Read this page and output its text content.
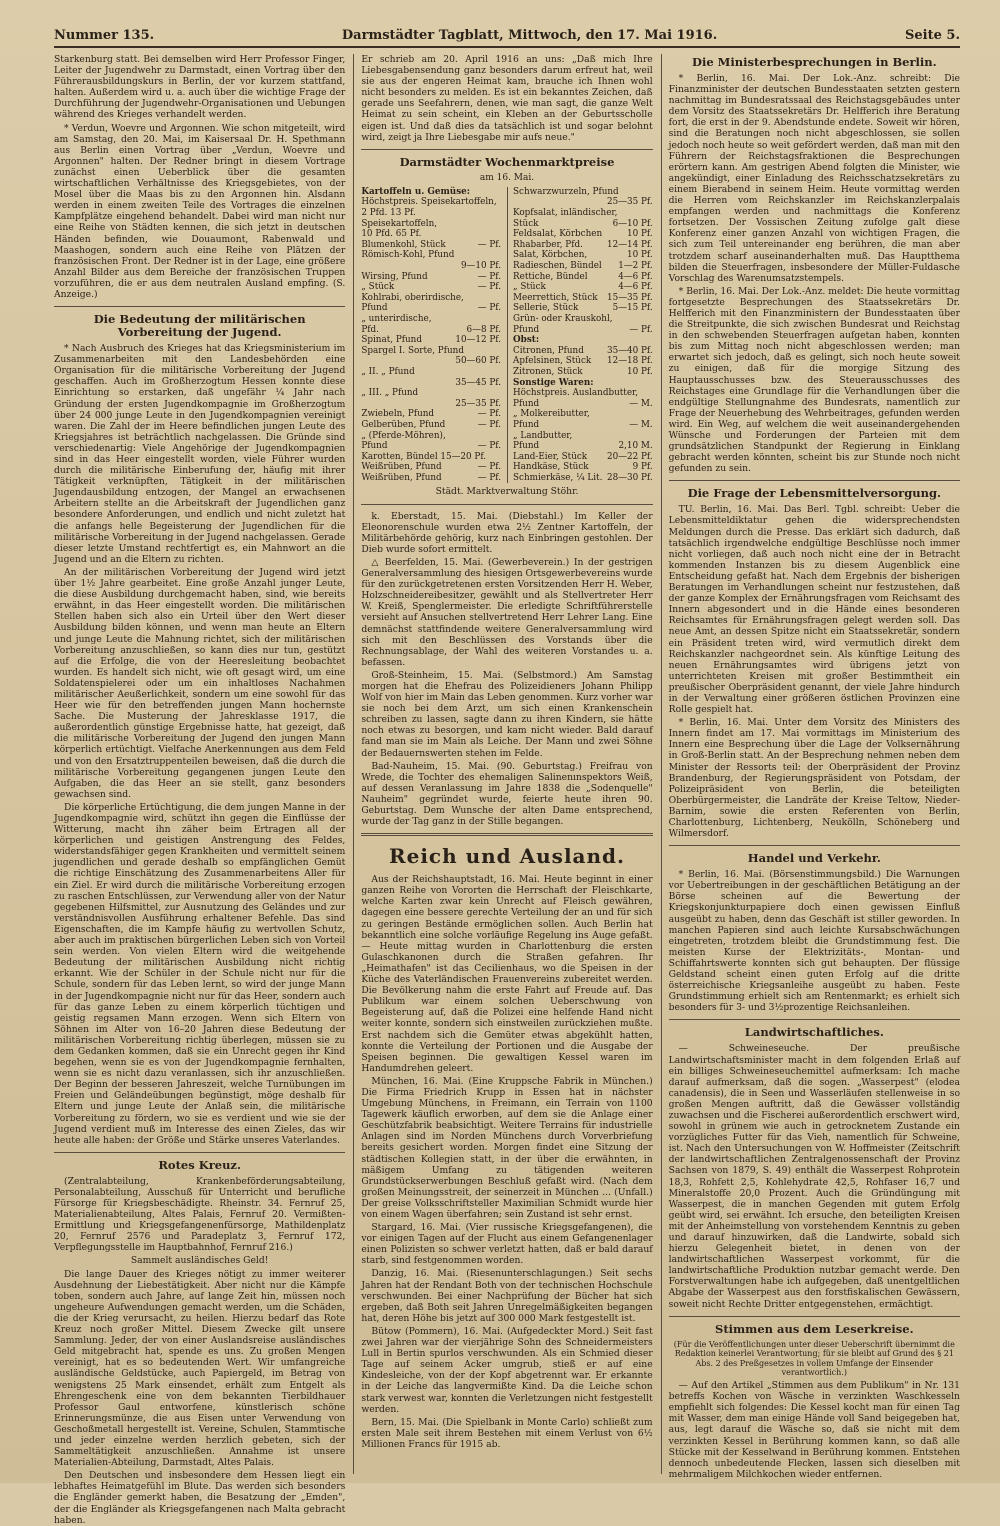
Nummer 135.	Darmstädter Tagblatt, Mittwoch, den 17. Mai 1916.	Seite 5.

Starkenburg statt. Bei demselben wird Herr Professor Finger, Leiter der Jugendwehr zu Darmstadt, einen Vortrag über den Führerausbildungskurs in Berlin, der vor kurzem stattfand, halten. Außerdem wird u. a. auch über die wichtige Frage der Durchführung der Jugendwehr-Organisationen und Uebungen während des Krieges verhandelt werden.

* Verdun, Woevre und Argonnen. Wie schon mitgeteilt, wird am Samstag, den 20. Mai, im Kaisersaal Dr. H. Spethmann aus Berlin einen Vortrag über „Verdun, Woevre und Argonnen" halten. Der Redner bringt in diesem Vortrage zunächst einen Ueberblick über die gesamten wirtschaftlichen Verhältnisse des Kriegsgebietes, von der Mosel über die Maas bis zu den Argonnen hin. Alsdann werden in einem zweiten Teile des Vortrages die einzelnen Kampfplätze eingehend behandelt. Dabei wird man nicht nur eine Reihe von Städten kennen, die sich jetzt in deutschen Händen befinden, wie Douaumont, Rabenwald und Maashogen, sondern auch eine Reihe von Plätzen der französischen Front. Der Redner ist in der Lage, eine größere Anzahl Bilder aus dem Bereiche der französischen Truppen vorzuführen, die er aus dem neutralen Ausland empfing. (S. Anzeige.)

Die Bedeutung der militärischen Vorbereitung der Jugend.

* Nach Ausbruch des Krieges hat das Kriegsministerium im Zusammenarbeiten mit den Landesbehörden eine Organisation für die militärische Vorbereitung der Jugend geschaffen. Auch im Großherzogtum Hessen konnte diese Einrichtung so erstarken, daß ungefähr ¼ Jahr nach Gründung der ersten Jugendkompagnie im Großherzogtum über 24 000 junge Leute in den Jugendkompagnien vereinigt waren. Die Zahl der im Heere befindlichen jungen Leute des Kriegsjahres ist beträchtlich nachgelassen. Die Gründe sind verschiedenartig: Viele Angehörige der Jugendkompagnien sind in das Heer eingestellt worden, viele Führer wurden durch die militärische Einberufung der, häufig mit ihrer Tätigkeit verknüpften, Tätigkeit in der militärischen Jugendausbildung entzogen, der Mangel an erwachsenen Arbeitern stellte an die Arbeitskraft der Jugendlichen ganz besondere Anforderungen, und endlich und nicht zuletzt hat die anfangs helle Begeisterung der Jugendlichen für die militärische Vorbereitung in der Jugend nachgelassen. Gerade dieser letzte Umstand rechtfertigt es, ein Mahnwort an die Jugend und an die Eltern zu richten.

An der militärischen Vorbereitung der Jugend wird jetzt über 1½ Jahre gearbeitet. Eine große Anzahl junger Leute, die diese Ausbildung durchgemacht haben, sind, wie bereits erwähnt, in das Heer eingestellt worden. Die militärischen Stellen haben sich also ein Urteil über den Wert dieser Ausbildung bilden können, und wenn man heute an Eltern und junge Leute die Mahnung richtet, sich der militärischen Vorbereitung anzuschließen, so kann dies nur tun, gestützt auf die Erfolge, die von der Heeresleitung beobachtet wurden. Es handelt sich nicht, wie oft gesagt wird, um eine Soldatenspielerei oder um ein inhaltloses Nachahmen militärischer Aeußerlichkeit, sondern um eine sowohl für das Heer wie für den betreffenden jungen Mann hochernste Sache. Die Musterung der Jahresklasse 1917, die außerordentlich günstige Ergebnisse hatte, hat gezeigt, daß die militärische Vorbereitung der Jugend den jungen Mann körperlich ertüchtigt. Vielfache Anerkennungen aus dem Feld und von den Ersatztruppenteilen beweisen, daß die durch die militärische Vorbereitung gegangenen jungen Leute den Aufgaben, die das Heer an sie stellt, ganz besonders gewachsen sind.

Die körperliche Ertüchtigung, die dem jungen Manne in der Jugendkompagnie wird, schützt ihn gegen die Einflüsse der Witterung, macht ihn zäher beim Ertragen all der körperlichen und geistigen Anstrengung des Feldes, widerstandsfähiger gegen Krankheiten und vermittelt seinem jugendlichen und gerade deshalb so empfänglichen Gemüt die richtige Einschätzung des Zusammenarbeitens Aller für ein Ziel. Er wird durch die militärische Vorbereitung erzogen zu raschen Entschlüssen, zur Verwendung aller von der Natur gegebenen Hilfsmittel, zur Ausnutzung des Geländes und zur verständnisvollen Ausführung erhaltener Befehle. Das sind Eigenschaften, die im Kampfe häufig zu wertvollen Schutz, aber auch im praktischen bürgerlichen Leben sich von Vorteil sein werden. Von vielen Eltern wird die weitgehende Bedeutung der militärischen Ausbildung nicht richtig erkannt. Wie der Schüler in der Schule nicht nur für die Schule, sondern für das Leben lernt, so wird der junge Mann in der Jugendkompagnie nicht nur für das Heer, sondern auch für das ganze Leben zu einem körperlich tüchtigen und geistig regsamen Mann erzogen. Wenn sich Eltern von Söhnen im Alter von 16–20 Jahren diese Bedeutung der militärischen Vorbereitung richtig überlegen, müssen sie zu dem Gedanken kommen, daß sie ein Unrecht gegen ihr Kind begehen, wenn sie es von der Jugendkompagnie fernhalten, wenn sie es nicht dazu veranlassen, sich ihr anzuschließen. Der Beginn der besseren Jahreszeit, welche Turnübungen im Freien und Geländeübungen begünstigt, möge deshalb für Eltern und junge Leute der Anlaß sein, die militärische Vorbereitung zu fördern, wo sie es verdient und wie sie der Jugend verdient muß im Interesse des einen Zieles, das wir heute alle haben: der Größe und Stärke unseres Vaterlandes.

Rotes Kreuz.

(Zentralabteilung, Krankenbeförderungsabteilung, Personalabteilung, Ausschuß für Unterricht und berufliche Fürsorge für Kriegsbeschädigte. Rheinstr. 34. Fernruf 25, Materialienabteilung, Altes Palais, Fernruf 20. Vermißten-Ermittlung und Kriegsgefangenenfürsorge, Mathildenplatz 20, Fernruf 2576 und Paradeplatz 3, Fernruf 172, Verpflegungsstelle im Hauptbahnhof, Fernruf 216.)

Sammelt ausländisches Geld!

Die lange Dauer des Krieges nötigt zu immer weiterer Ausdehnung der Liebestätigkeit. Aber nicht nur die Kämpfe toben, sondern auch Jahre, auf lange Zeit hin, müssen noch ungeheure Aufwendungen gemacht werden, um die Schäden, die der Krieg verursacht, zu heilen. Hierzu bedarf das Rote Kreuz noch großer Mittel. Diesem Zwecke gilt unsere Sammlung. Jeder, der von einer Auslandsreise ausländisches Geld mitgebracht hat, spende es uns. Zu großen Mengen vereinigt, hat es so bedeutenden Wert. Wir umfangreiche ausländische Geldstücke, auch Papiergeld, im Betrag von wenigstens 25 Mark einsendet, erhält zum Entgelt als Ehrengeschenk eine von dem bekannten Tierbildhauer Professor Gaul entworfene, künstlerisch schöne Erinnerungsmünze, die aus Eisen unter Verwendung von Geschoßmetall hergestellt ist. Vereine, Schulen, Stammtische und jeder einzelne werden herzlich gebeten, sich der Sammeltätigkeit anzuschließen. Annahme ist unsere Materialien-Abteilung, Darmstadt, Altes Palais.

Den Deutschen und insbesondere dem Hessen liegt ein lebhaftes Heimatgefühl im Blute. Das werden sich besonders die Engländer gemerkt haben, die Besatzung der „Emden", der die Engländer als Kriegsgefangenen nach Malta gebracht haben.

Er schrieb am 20. April 1916 an uns: „Daß mich Ihre Liebesgabensendung ganz besonders darum erfreut hat, weil sie aus der engeren Heimat kam, brauche ich Ihnen wohl nicht besonders zu melden. Es ist ein bekanntes Zeichen, daß gerade uns Seefahrern, denen, wie man sagt, die ganze Welt Heimat zu sein scheint, ein Kleben an der Geburtsscholle eigen ist. Und daß dies da tatsächlich ist und sogar belohnt wird, zeigt ja Ihre Liebesgabe mir aufs neue."

Darmstädter Wochenmarktpreise
am 16. Mai.
Kartoffeln u. Gemüse:
Höchstpreis. Speisekartoffeln,
2 Pfd. 13 Pf.
Speisekartoffeln,
10 Pfd. 65 Pf.
Blumenkohl, Stück	— Pf.
Römisch-Kohl, Pfund
9—10 Pf.
Wirsing, Pfund	— Pf.
„ Stück	— Pf.
Kohlrabi, oberirdische,
Pfund	— Pf.
„ unterirdische,
Pfd.	6—8 Pf.
Spinat, Pfund	10—12 Pf.
Spargel I. Sorte, Pfund
50—60 Pf.
„ II. „ Pfund
35—45 Pf.
„ III. „ Pfund
25—35 Pf.
Zwiebeln, Pfund	— Pf.
Gelberüben, Pfund	— Pf.
„ (Pferde-Möhren),
Pfund	— Pf.
Karotten, Bündel 15—20 Pf.
Weißrüben, Pfund	— Pf.
Weißrüben, Pfund	— Pf.
Schwarzwurzeln, Pfund
25—35 Pf.
Kopfsalat, inländischer,
Stück	6—10 Pf.
Feldsalat, Körbchen	10 Pf.
Rhabarber, Pfd.	12—14 Pf.
Salat, Körbchen,	10 Pf.
Radieschen, Bündel 1—2 Pf.
Rettiche, Bündel	4—6 Pf.
„ Stück	4—6 Pf.
Meerrettich, Stück 15—35 Pf.
Sellerie, Stück	5—15 Pf.
Grün- oder Krauskohl,
Pfund	— Pf.
Obst:
Citronen, Pfund	35—40 Pf.
Apfelsinen, Stück 12—18 Pf.
Zitronen, Stück	10 Pf.
Sonstige Waren:
Höchstpreis. Auslandbutter,
Pfund	— M.
„ Molkereibutter,
Pfund	— M.
„ Landbutter,
Pfund	2,10 M.
Land-Eier, Stück 20—22 Pf.
Handkäse, Stück	9 Pf.
Schmierkäse, ¼ Lit. 28—30 Pf.

Städt. Marktverwaltung Stöhr.

k. Eberstadt, 15. Mai. (Diebstahl.) Im Keller der Eleonorenschule wurden etwa 2½ Zentner Kartoffeln, der Militärbehörde gehörig, kurz nach Einbringen gestohlen. Der Dieb wurde sofort ermittelt.

△ Beerfelden, 15. Mai. (Gewerbeverein.) In der gestrigen Generalversammlung des hiesigen Ortsgewerbevereins wurde für den zurückgetretenen ersten Vorsitzenden Herr H. Weber, Holzschneidereibesitzer, gewählt und als Stellvertreter Herr W. Kreiß, Spenglermeister. Die erledigte Schriftführerstelle versieht auf Ansuchen stellvertretend Herr Lehrer Lang. Eine demnächst stattfindende weitere Generalversammlung wird sich mit den Beschlüssen des Vorstands über die Rechnungsablage, der Wahl des weiteren Vorstandes u. a. befassen.

Groß-Steinheim, 15. Mai. (Selbstmord.) Am Samstag morgen hat die Ehefrau des Polizeidieners Johann Philipp Wolf von hier im Main das Leben genommen. Kurz vorher war sie noch bei dem Arzt, um sich einen Krankenschein schreiben zu lassen, sagte dann zu ihren Kindern, sie hätte noch etwas zu besorgen, und kam nicht wieder. Bald darauf fand man sie im Main als Leiche. Der Mann und zwei Söhne der Bedauernswerten stehen im Felde.

Bad-Nauheim, 15. Mai. (90. Geburtstag.) Freifrau von Wrede, die Tochter des ehemaligen Salinenınspektors Weiß, auf dessen Veranlassung im Jahre 1838 die „Sodenquelle" Nauheim" gegründet wurde, feierte heute ihren 90. Geburtstag. Dem Wunsche der alten Dame entsprechend, wurde der Tag ganz in der Stille begangen.

Reich und Ausland.

Aus der Reichshauptstadt, 16. Mai. Heute beginnt in einer ganzen Reihe von Vororten die Herrschaft der Fleischkarte, welche Karten zwar kein Unrecht auf Fleisch gewähren, dagegen eine bessere gerechte Verteilung der an und für sich zu geringen Bestände ermöglichen sollen. Auch Berlin hat bekanntlich eine solche vorläufige Regelung ins Auge gefaßt. — Heute mittag wurden in Charlottenburg die ersten Gulaschkanonen durch die Straßen gefahren. Ihr „Heimathafen" ist das Cecilienhaus, wo die Speisen in der Küche des Vaterländischen Frauenvereins zubereitet werden. Die Bevölkerung nahm die erste Fahrt auf Freude auf. Das Publikum war einem solchen Ueberschwung von Begeisterung auf, daß die Polizei eine helfende Hand nicht weiter konnte, sondern sich einstweilen zurückziehen mußte. Erst nachdem sich die Gemüter etwas abgekühlt hatten, konnte die Verteilung der Portionen und die Ausgabe der Speisen beginnen. Die gewaltigen Kessel waren im Handumdrehen geleert.

München, 16. Mai. (Eine Kruppsche Fabrik in München.) Die Firma Friedrich Krupp in Essen hat in nächster Umgebung Münchens, in Freimann, ein Terrain von 1100 Tagewerk käuflich erworben, auf dem sie die Anlage einer Geschützfabrik beabsichtigt. Weitere Terrains für industrielle Anlagen sind im Norden Münchens durch Vorverbriefung bereits gesichert worden. Morgen findet eine Sitzung der städtischen Kollegien statt, in der über die erwähnten, in mäßigem Umfang zu tätigenden weiteren Grundstückserwerbungen Beschluß gefaßt wird. (Nach dem großen Meinungsstreit, der seinerzeit in München ... (Unfall.) Der greise Volksschriftsteller Maximilian Schmidt wurde hier von einem Wagen überfahren; sein Zustand ist sehr ernst.

Stargard, 16. Mai. (Vier russische Kriegsgefangenen), die vor einigen Tagen auf der Flucht aus einem Gefangenenlager einen Polizisten so schwer verletzt hatten, daß er bald darauf starb, sind festgenommen worden.

Danzig, 16. Mai. (Riesenunterschlagungen.) Seit sechs Jahren hat der Rendant Both von der technischen Hochschule verschwunden. Bei einer Nachprüfung der Bücher hat sich ergeben, daß Both seit Jahren Unregelmäßigkeiten begangen hat, deren Höhe bis jetzt auf 300 000 Mark festgestellt ist.

Bütow (Pommern), 16. Mai. (Aufgedeckter Mord.) Seit fast zwei Jahren war der vierjährige Sohn des Schneidermeisters Lull in Bertin spurlos verschwunden. Als ein Schmied dieser Tage auf seinem Acker umgrub, stieß er auf eine Kindesleiche, von der der Kopf abgetrennt war. Er erkannte in der Leiche das langvermißte Kind. Da die Leiche schon stark verwest war, konnten die Verletzungen nicht festgestellt werden.

Bern, 15. Mai. (Die Spielbank in Monte Carlo) schließt zum ersten Male seit ihrem Bestehen mit einem Verlust von 6½ Millionen Francs für 1915 ab.

Die Ministerbesprechungen in Berlin.

* Berlin, 16. Mai. Der Lok.-Anz. schreibt: Die Finanzminister der deutschen Bundesstaaten setzten gestern nachmittag im Bundesratssaal des Reichstagsgebäudes unter dem Vorsitz des Staatssekretärs Dr. Helfferich ihre Beratung fort, die erst in der 9. Abendstunde endete. Soweit wir hören, sind die Beratungen noch nicht abgeschlossen, sie sollen jedoch noch heute so weit gefördert werden, daß man mit den Führern der Reichstagsfraktionen die Besprechungen erörtern kann. Am gestrigen Abend folgten die Minister, wie angekündigt, einer Einladung des Reichsschatzsekretärs zu einem Bierabend in seinem Heim. Heute vormittag werden die Herren vom Reichskanzler im Reichskanzlerpalais empfangen werden und nachmittags die Konferenz fortsetzen. Der Vossischen Zeitung zufolge galt diese Konferenz einer ganzen Anzahl von wichtigen Fragen, die sich zum Teil untereinander eng berühren, die man aber trotzdem scharf auseinanderhalten muß. Das Hauptthema bilden die Steuerfragen, insbesondere der Müller-Fuldasche Vorschlag des Warenumsatzstempels.

* Berlin, 16. Mai. Der Lok.-Anz. meldet: Die heute vormittag fortgesetzte Besprechungen des Staatssekretärs Dr. Helfferich mit den Finanzministern der Bundesstaaten über die Streitpunkte, die sich zwischen Bundesrat und Reichstag in den schwebenden Steuerfragen aufgetan haben, konnten bis zum Mittag noch nicht abgeschlossen werden; man erwartet sich jedoch, daß es gelingt, sich noch heute soweit zu einigen, daß für die morgige Sitzung des Hauptausschusses bzw. des Steuerausschusses des Reichstages eine Grundlage für die Verhandlungen über die endgültige Stellungnahme des Bundesrats, namentlich zur Frage der Neuerhebung des Wehrbeitrages, gefunden werden wird. Ein Weg, auf welchem die weit auseinandergehenden Wünsche und Forderungen der Parteien mit dem grundsätzlichen Standpunkt der Regierung in Einklang gebracht werden könnten, scheint bis zur Stunde noch nicht gefunden zu sein.

Die Frage der Lebensmittelversorgung.

TU. Berlin, 16. Mai. Das Berl. Tgbl. schreibt: Ueber die Lebensmitteldiktatur gehen die widersprechendsten Meldungen durch die Presse. Das erklärt sich dadurch, daß tatsächlich irgendwelche endgültige Beschlüsse noch immer nicht vorliegen, daß auch noch nicht eine der in Betracht kommenden Instanzen bis zu diesem Augenblick eine Entscheidung gefaßt hat. Nach dem Ergebnis der bisherigen Beratungen im Verhandlungen scheint nur festzustehen, daß der ganze Komplex der Ernährungsfragen vom Reichsamt des Innern abgesondert und in die Hände eines besonderen Reichsamtes für Ernährungsfragen gelegt werden soll. Das neue Amt, an dessen Spitze nicht ein Staatssekretär, sondern ein Präsident treten wird, wird vermutlich direkt dem Reichskanzler nachgeordnet sein. Als künftige Leitung des neuen Ernährungsamtes wird übrigens jetzt von unterrichteten Kreisen mit großer Bestimmtheit ein preußischer Oberpräsident genannt, der viele Jahre hindurch in der Verwaltung einer größeren östlichen Provinzen eine Rolle gespielt hat.

* Berlin, 16. Mai. Unter dem Vorsitz des Ministers des Innern findet am 17. Mai vormittags im Ministerium des Innern eine Besprechung über die Lage der Volksernährung in Groß-Berlin statt. An der Besprechung nehmen neben dem Minister der Ressorts teil: der Oberpräsident der Provinz Brandenburg, der Regierungspräsident von Potsdam, der Polizeipräsident von Berlin, die beteiligten Oberbürgermeister, die Landräte der Kreise Teltow, Nieder-Barnim, sowie die ersten Referenten von Berlin, Charlottenburg, Lichtenberg, Neukölln, Schöneberg und Wilmersdorf.

Handel und Verkehr.

* Berlin, 16. Mai. (Börsenstimmungsbild.) Die Warnungen vor Uebertreibungen in der geschäftlichen Betätigung an der Börse scheinen auf die Bewertung der Kriegskonjunkturpapiere doch einen gewissen Einfluß ausgeübt zu haben, denn das Geschäft ist stiller geworden. In manchen Papieren sind auch leichte Kursabschwächungen eingetreten, trotzdem bleibt die Grundstimmung fest. Die meisten Kurse der Elektrizitäts-, Montan- und Schiffahrtswerte konnten sich gut behaupten. Der flüssige Geldstand scheint einen guten Erfolg auf die dritte österreichische Kriegsanleihe ausgeübt zu haben. Feste Grundstimmung erhielt sich am Rentenmarkt; es erhielt sich besonders für 3- und 3½prozentige Reichsanleihen.

Landwirtschaftliches.

— Schweineseuche. Der preußische Landwirtschaftsminister macht in dem folgenden Erlaß auf ein billiges Schweineseuchemittel aufmerksam: Ich mache darauf aufmerksam, daß die sogen. „Wasserpest" (elodea canadensis), die in Seen und Wasserläufen stellenweise in so großen Mengen auftritt, daß die Gewässer vollständig zuwachsen und die Fischerei außerordentlich erschwert wird, sowohl in grünem wie auch in getrocknetem Zustande ein vorzügliches Futter für das Vieh, namentlich für Schweine, ist. Nach den Untersuchungen von W. Hoffmeister (Zeitschrift der landwirtschaftlichen Zentralgenossenschaft der Provinz Sachsen von 1879, S. 49) enthält die Wasserpest Rohprotein 18,3, Rohfett 2,5, Kohlehydrate 42,5, Rohfaser 16,7 und Mineralstoffe 20,0 Prozent. Auch die Gründüngung mit Wasserpest, die in manchen Gegenden mit gutem Erfolg geübt wird, sei erwähnt. Ich ersuche, den beteiligten Kreisen mit der Anheimstellung von vorstehendem Kenntnis zu geben und darauf hinzuwirken, daß die Landwirte, sobald sich hierzu Gelegenheit bietet, in denen von der landwirtschaftlichen Wasserpest vorkommt, für die landwirtschaftliche Produktion nutzbar gemacht werde. Den Forstverwaltungen habe ich aufgegeben, daß unentgeltlichen Abgabe der Wasserpest aus den forstfiskalischen Gewässern, soweit nicht Rechte Dritter entgegenstehen, ermächtigt.

Stimmen aus dem Leserkreise.

(Für die Veröffentlichungen unter dieser Ueberschrift übernimmt die Redaktion keinerlei Verantwortung; für sie bleibt auf Grund des § 21 Abs. 2 des Preßgesetzes in vollem Umfange der Einsender verantwortlich.)

— Auf den Artikel „Stimmen aus dem Publikum" in Nr. 131 betreffs Kochen von Wäsche in verzinkten Waschkesseln empfiehlt sich folgendes: Die Kessel kocht man für einen Tag mit Wasser, dem man einige Hände voll Sand beigegeben hat, aus, legt darauf die Wäsche so, daß sie nicht mit dem verzinkten Kessel in Berührung kommen kann, so daß alle Stücke mit der Kesselwand in Berührung kommen. Entstehen dennoch unbedeutende Flecken, lassen sich dieselben mit mehrmaligem Milchkochen wieder entfernen.
